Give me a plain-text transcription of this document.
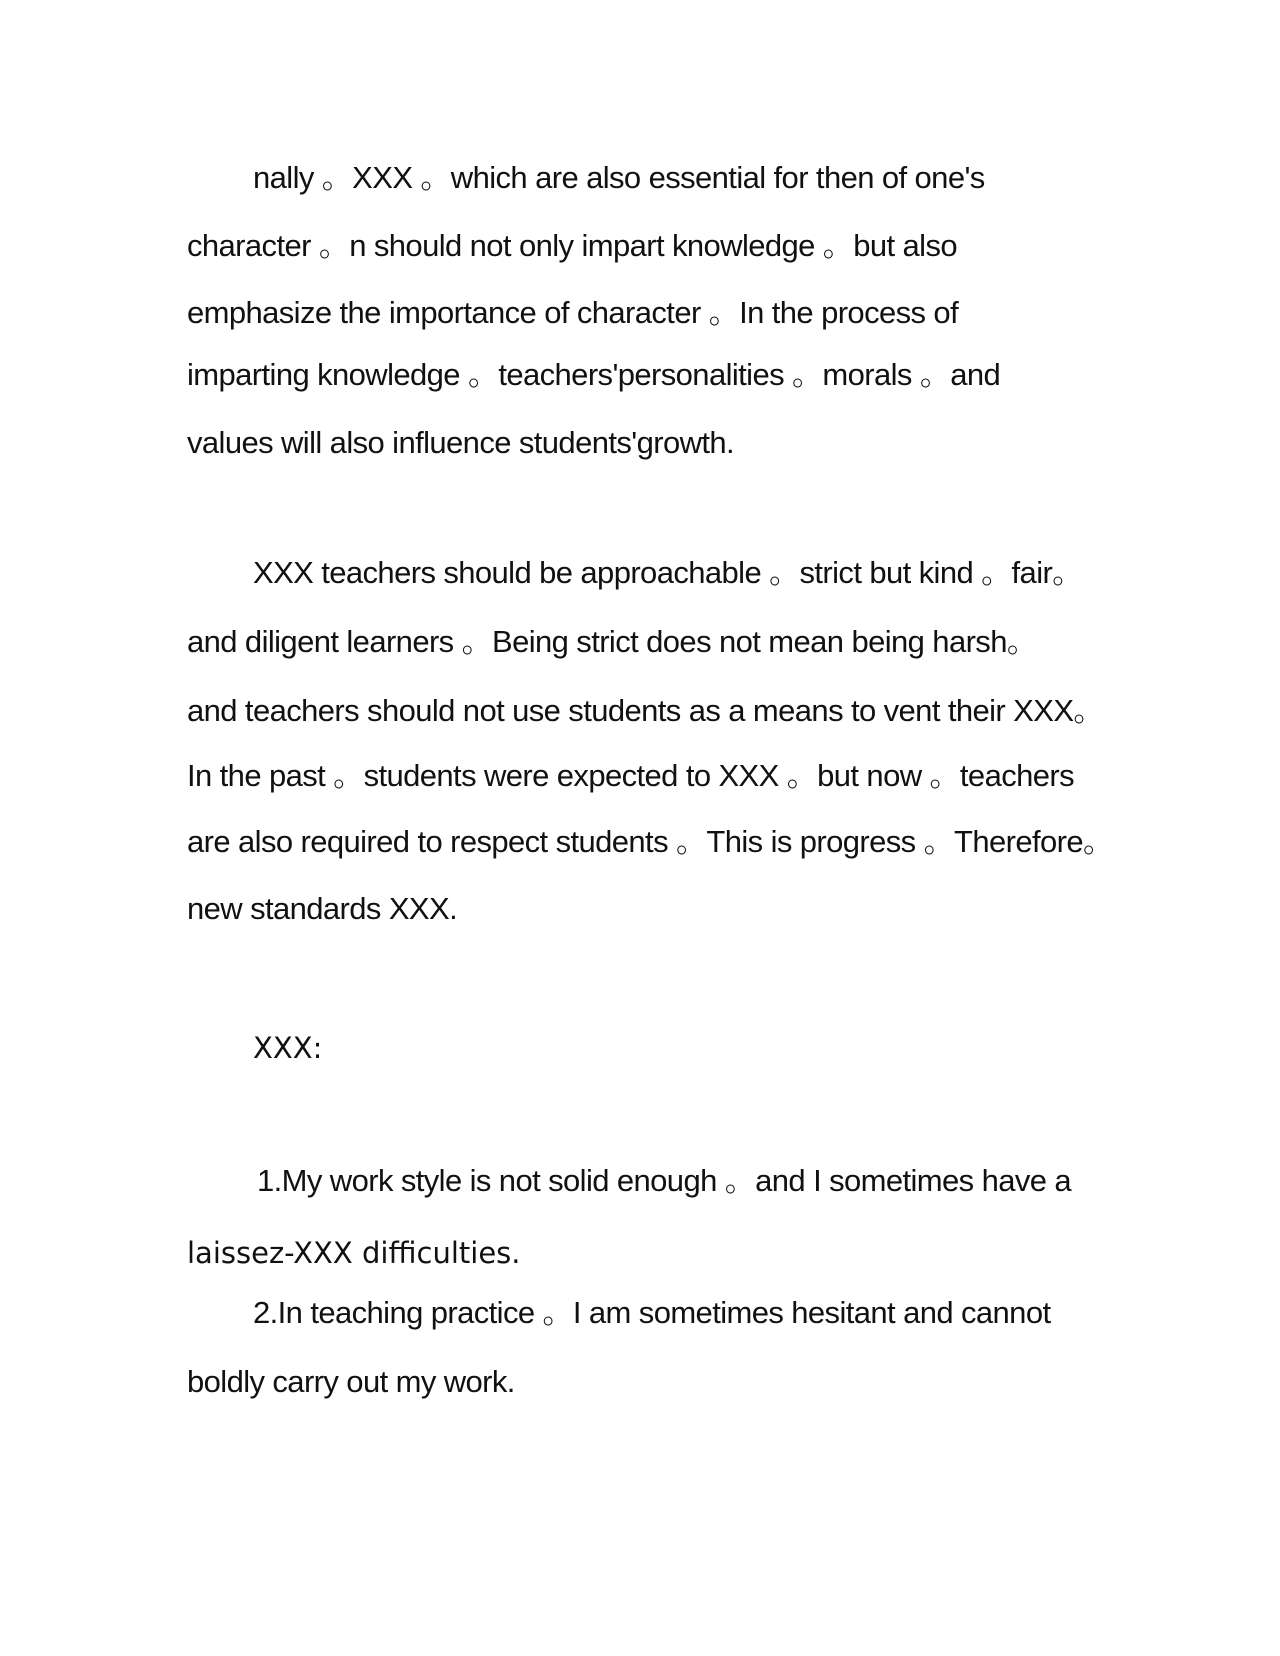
nally 。XXX 。which are also essential for then of one's
character 。n should not only impart knowledge 。but also
emphasize the importance of character 。In the process of
imparting knowledge 。teachers'personalities 。morals 。and
values will also influence students'growth.
XXX teachers should be approachable 。strict but kind 。fair。
and diligent learners 。Being strict does not mean being harsh。
and teachers should not use students as a means to vent their XXX。
In the past 。students were expected to XXX 。but now 。teachers
are also required to respect students 。This is progress 。Therefore。
new standards XXX.
XXX:
1.My work style is not solid enough 。and I sometimes have a
laissez-XXX difficulties.
2.In teaching practice 。I am sometimes hesitant and cannot
boldly carry out my work.
